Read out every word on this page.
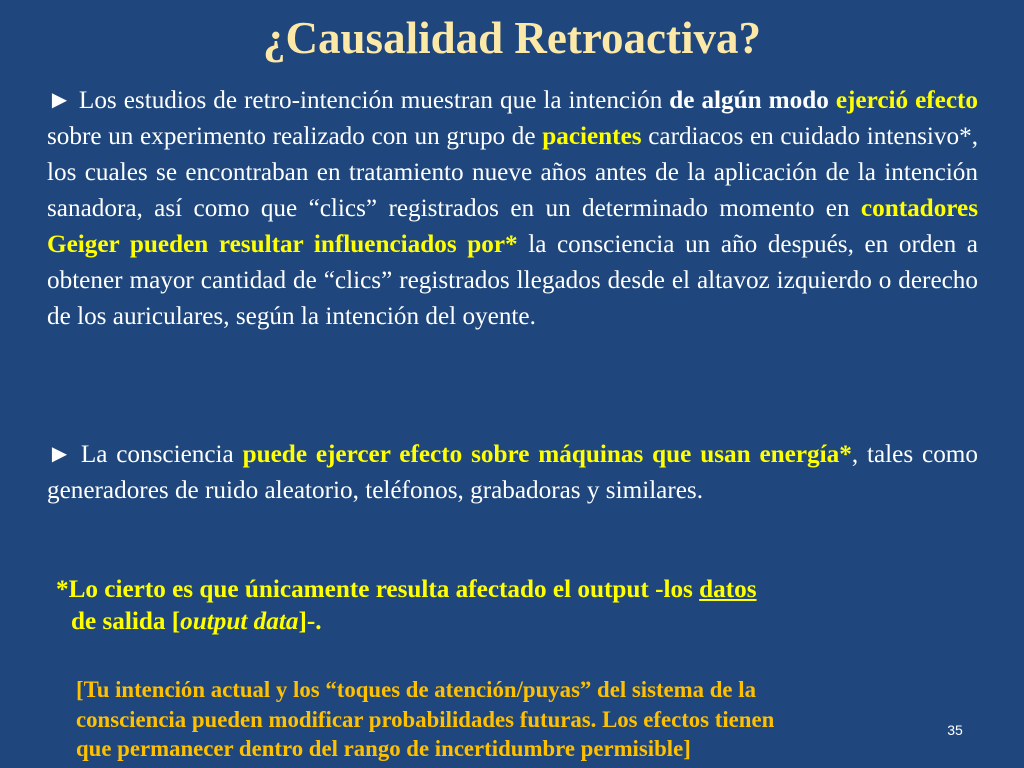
¿Causalidad Retroactiva?

► Los estudios de retro-intención muestran que la intención de algún modo ejerció efecto sobre un experimento realizado con un grupo de pacientes cardiacos en cuidado intensivo*, los cuales se encontraban en tratamiento nueve años antes de la aplicación de la intención sanadora, así como que “clics” registrados en un determinado momento en contadores Geiger pueden resultar influenciados por* la consciencia un año después, en orden a obtener mayor cantidad de “clics” registrados llegados desde el altavoz izquierdo o derecho de los auriculares, según la intención del oyente.

► La consciencia puede ejercer efecto sobre máquinas que usan energía*, tales como generadores de ruido aleatorio, teléfonos, grabadoras y similares.

*Lo cierto es que únicamente resulta afectado el output -los datos
de salida [output data]-.

[Tu intención actual y los “toques de atención/puyas” del sistema de la
consciencia pueden modificar probabilidades futuras. Los efectos tienen
que permanecer dentro del rango de incertidumbre permisible]

35
